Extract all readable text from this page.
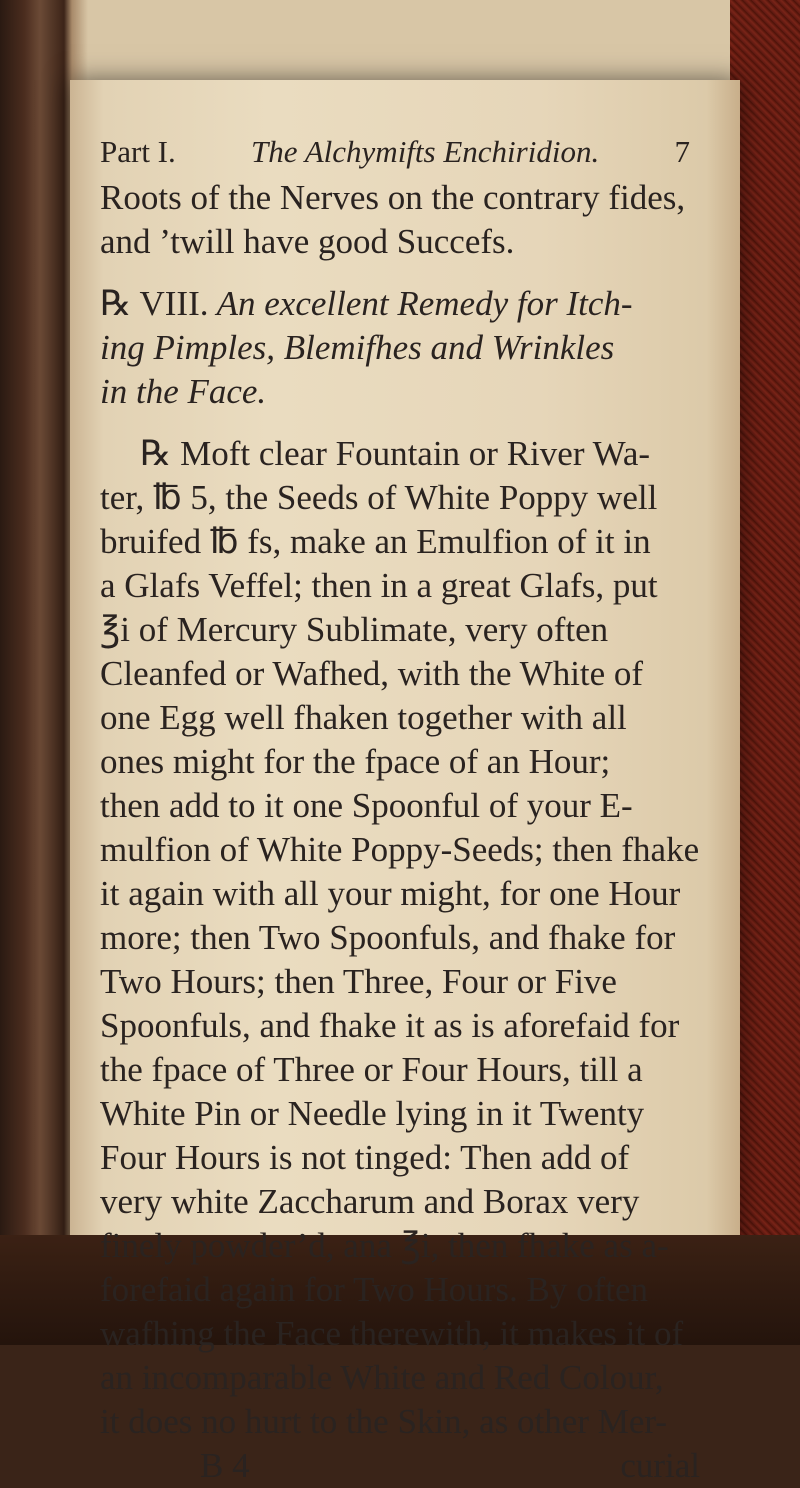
Part I. The Alchymifts Enchiridion. 7
Roots of the Nerves on the contrary fides,
and ’twill have good Succefs.
℞ VIII. An excellent Remedy for Itch-
ing Pimples, Blemifhes and Wrinkles
in the Face.
℞ Moft clear Fountain or River Wa-
ter, ℔ 5, the Seeds of White Poppy well
bruifed ℔ fs, make an Emulfion of it in
a Glafs Veffel; then in a great Glafs, put
℥i of Mercury Sublimate, very often
Cleanfed or Wafhed, with the White of
one Egg well fhaken together with all
ones might for the fpace of an Hour;
then add to it one Spoonful of your E-
mulfion of White Poppy-Seeds; then fhake
it again with all your might, for one Hour
more; then Two Spoonfuls, and fhake for
Two Hours; then Three, Four or Five
Spoonfuls, and fhake it as is aforefaid for
the fpace of Three or Four Hours, till a
White Pin or Needle lying in it Twenty
Four Hours is not tinged: Then add of
very white Zaccharum and Borax very
finely powder’d, ana ℥i, then fhake as a-
forefaid again for Two Hours. By often
wafhing the Face therewith, it makes it of
an incomparable White and Red Colour,
it does no hurt to the Skin, as other Mer-
B 4	curial
